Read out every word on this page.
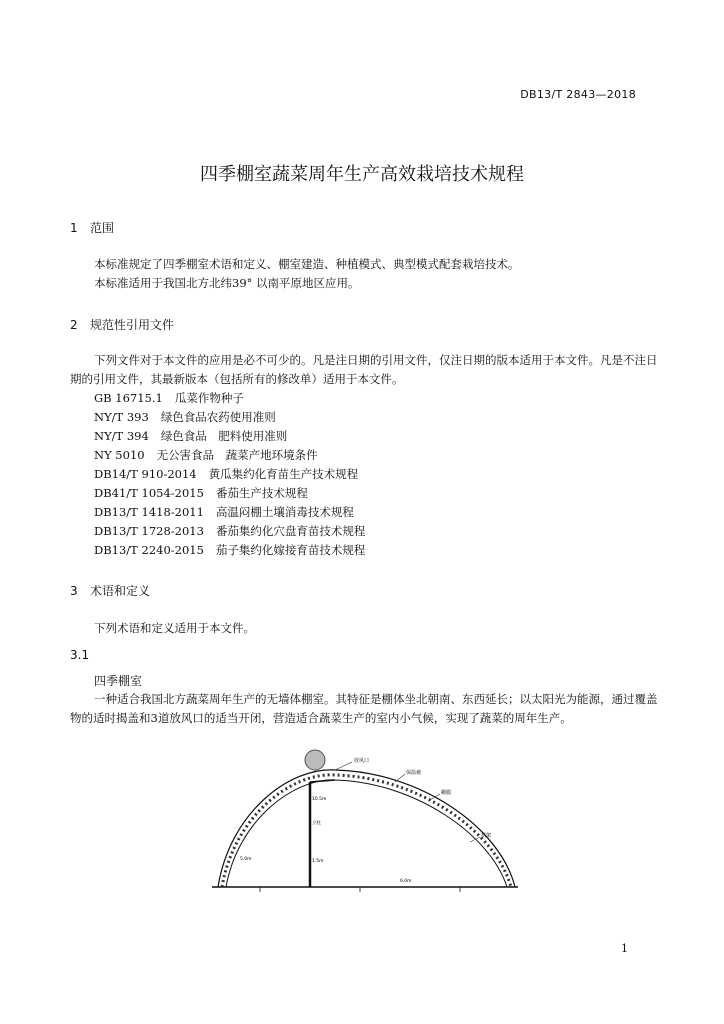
DB13/T 2843—2018
四季棚室蔬菜周年生产高效栽培技术规程
1 范围
本标准规定了四季棚室术语和定义、棚室建造、种植模式、典型模式配套栽培技术。
本标准适用于我国北方北纬39° 以南平原地区应用。
2 规范性引用文件
下列文件对于本文件的应用是必不可少的。凡是注日期的引用文件，仅注日期的版本适用于本文件。凡是不注日期的引用文件，其最新版本（包括所有的修改单）适用于本文件。
GB 16715.1 瓜菜作物种子
NY/T 393 绿色食品农药使用准则
NY/T 394 绿色食品　肥料使用准则
NY 5010 无公害食品　蔬菜产地环境条件
DB14/T 910-2014 黄瓜集约化育苗生产技术规程
DB41/T 1054-2015 番茄生产技术规程
DB13/T 1418-2011 高温闷棚土壤消毒技术规程
DB13/T 1728-2013 番茄集约化穴盘育苗技术规程
DB13/T 2240-2015 茄子集约化嫁接育苗技术规程
3 术语和定义
下列术语和定义适用于本文件。
3.1
四季棚室
一种适合我国北方蔬菜周年生产的无墙体棚室。其特征是棚体坐北朝南、东西延长；以太阳光为能源，通过覆盖物的适时揭盖和3道放风口的适当开闭，营造适合蔬菜生产的室内小气候，实现了蔬菜的周年生产。
放风口
保温被
棚膜
拱架
立柱
1.5m
5.0m
10.5m
6.0m
1
